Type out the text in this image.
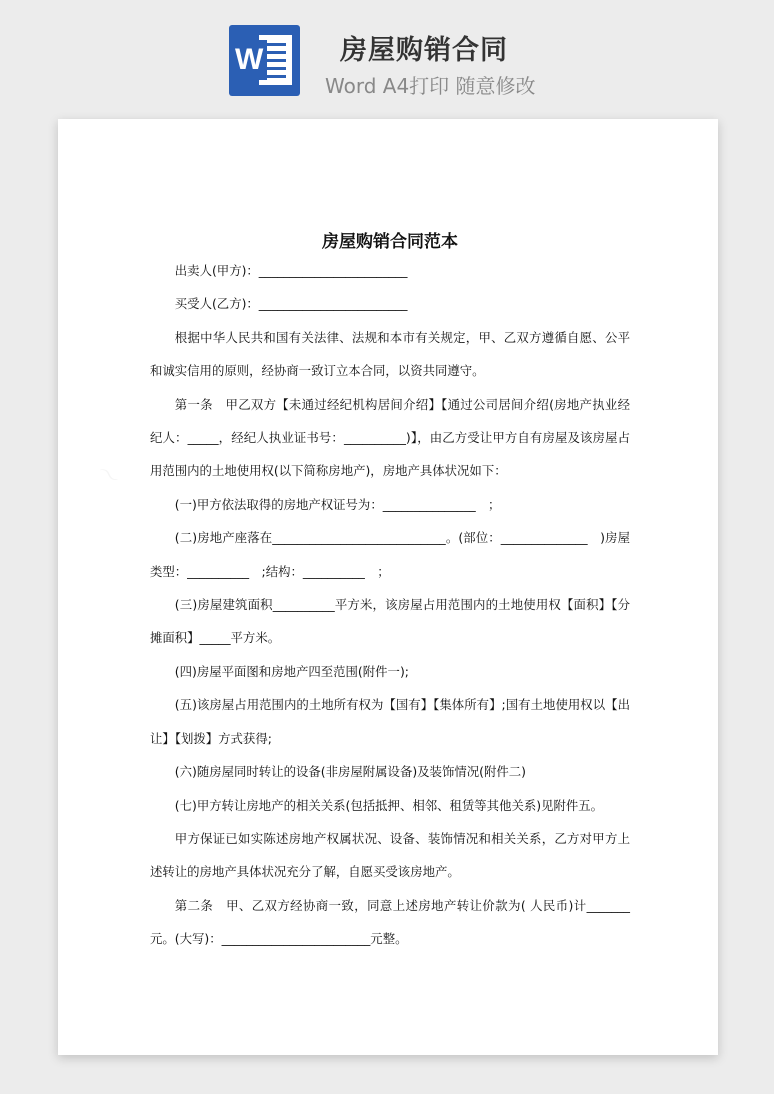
W	房屋购销合同
Word A4打印 随意修改
〜
房屋购销合同范本

出卖人(甲方)：________________________

买受人(乙方)：________________________

根据中华人民共和国有关法律、法规和本市有关规定，甲、乙双方遵循自愿、公平和诚实信用的原则，经协商一致订立本合同，以资共同遵守。

第一条　甲乙双方【未通过经纪机构居间介绍】【通过公司居间介绍(房地产执业经纪人：_____，经纪人执业证书号：__________)】，由乙方受让甲方自有房屋及该房屋占用范围内的土地使用权(以下简称房地产)，房地产具体状况如下：

(一)甲方依法取得的房地产权证号为：_______________　；

(二)房地产座落在____________________________。(部位：______________　)房屋类型：__________　;结构：__________　；

(三)房屋建筑面积__________平方米，该房屋占用范围内的土地使用权【面积】【分摊面积】_____平方米。

(四)房屋平面图和房地产四至范围(附件一);

(五)该房屋占用范围内的土地所有权为【国有】【集体所有】;国有土地使用权以【出让】【划拨】方式获得;

(六)随房屋同时转让的设备(非房屋附属设备)及装饰情况(附件二)

(七)甲方转让房地产的相关关系(包括抵押、相邻、租赁等其他关系)见附件五。

甲方保证已如实陈述房地产权属状况、设备、装饰情况和相关关系，乙方对甲方上述转让的房地产具体状况充分了解，自愿买受该房地产。

第二条　甲、乙双方经协商一致，同意上述房地产转让价款为( 人民币)计_______元。(大写)：________________________元整。
